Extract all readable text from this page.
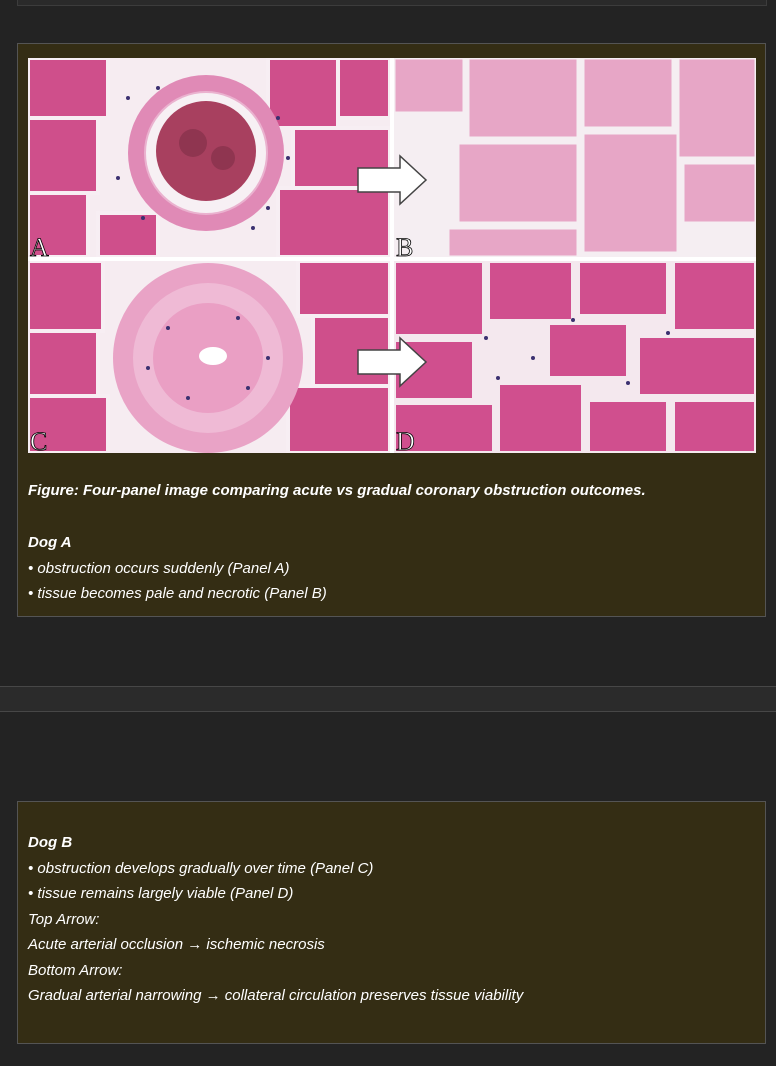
A	B
C	D

Figure: Four-panel image comparing acute vs gradual coronary obstruction outcomes.

Dog A
• obstruction occurs suddenly (Panel A)
• tissue becomes pale and necrotic (Panel B)
Dog B
• obstruction develops gradually over time (Panel C)
• tissue remains largely viable (Panel D)
Top Arrow:
Acute arterial occlusion → ischemic necrosis
Bottom Arrow:
Gradual arterial narrowing → collateral circulation preserves tissue viability
